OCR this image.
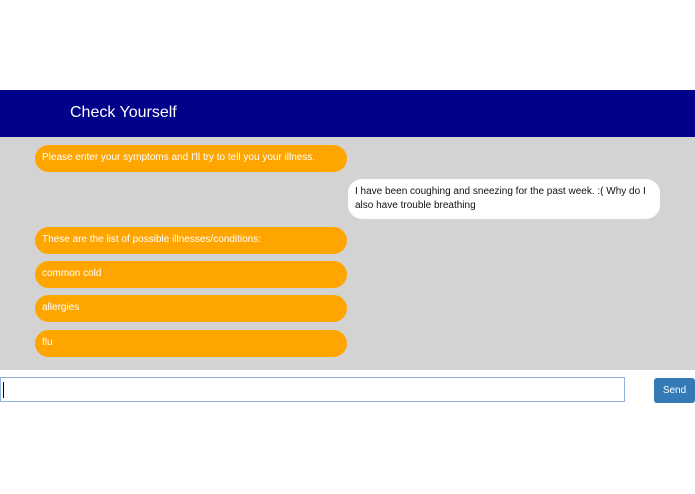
Check Yourself
Please enter your symptoms and I'll try to tell you your illness.
I have been coughing and sneezing for the past week. :( Why do I also have trouble breathing
These are the list of possible illnesses/conditions:
common cold
allergies
flu
Send
